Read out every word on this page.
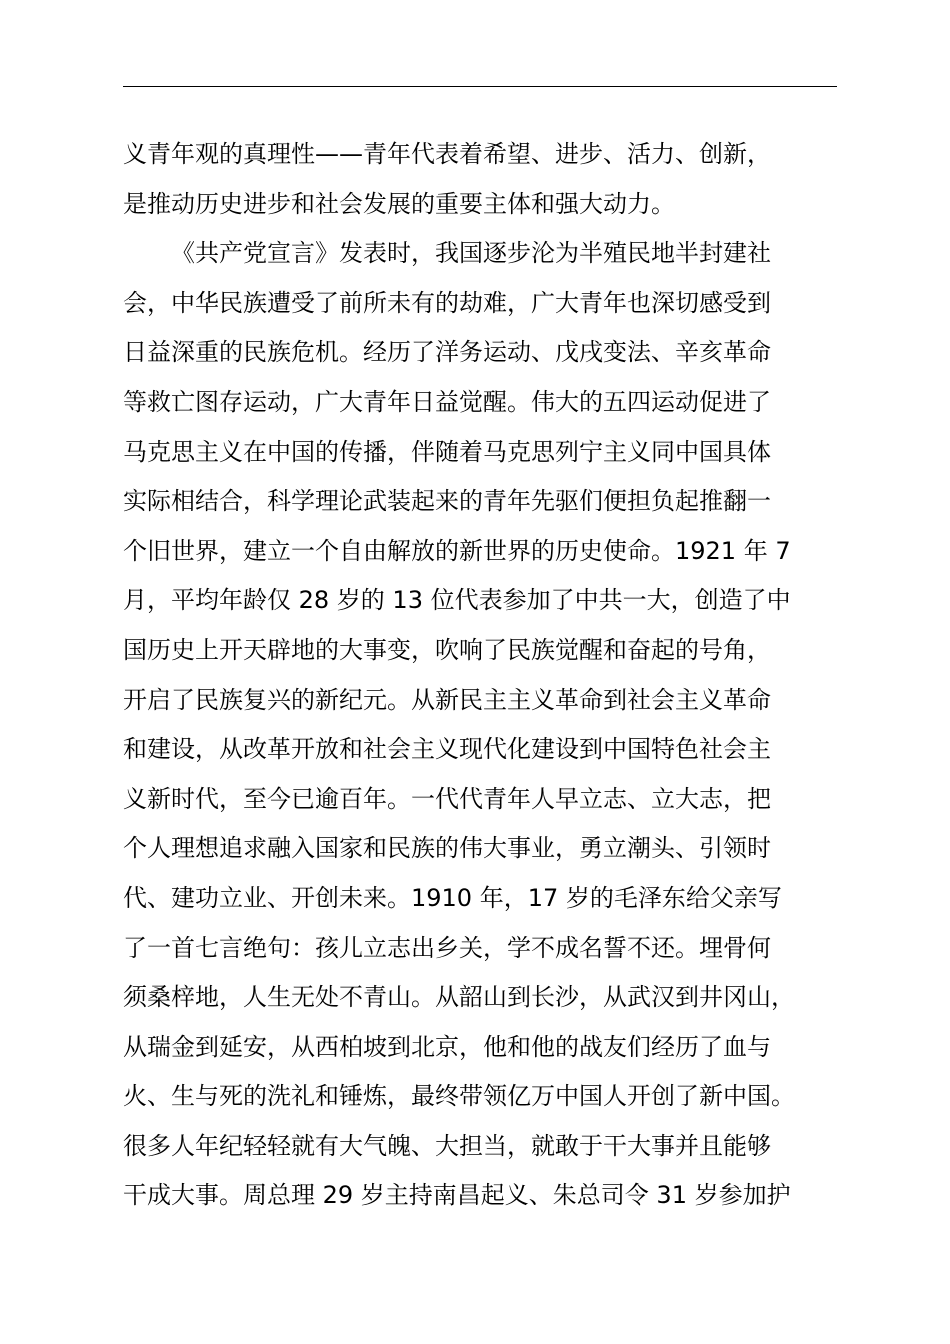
义青年观的真理性——青年代表着希望、进步、活力、创新，
是推动历史进步和社会发展的重要主体和强大动力。
《共产党宣言》发表时，我国逐步沦为半殖民地半封建社
会，中华民族遭受了前所未有的劫难，广大青年也深切感受到
日益深重的民族危机。经历了洋务运动、戊戌变法、辛亥革命
等救亡图存运动，广大青年日益觉醒。伟大的五四运动促进了
马克思主义在中国的传播，伴随着马克思列宁主义同中国具体
实际相结合，科学理论武装起来的青年先驱们便担负起推翻一
个旧世界，建立一个自由解放的新世界的历史使命。1921 年 7
月，平均年龄仅 28 岁的 13 位代表参加了中共一大，创造了中
国历史上开天辟地的大事变，吹响了民族觉醒和奋起的号角，
开启了民族复兴的新纪元。从新民主主义革命到社会主义革命
和建设，从改革开放和社会主义现代化建设到中国特色社会主
义新时代，至今已逾百年。一代代青年人早立志、立大志，把
个人理想追求融入国家和民族的伟大事业，勇立潮头、引领时
代、建功立业、开创未来。1910 年，17 岁的毛泽东给父亲写
了一首七言绝句：孩儿立志出乡关，学不成名誓不还。埋骨何
须桑梓地，人生无处不青山。从韶山到长沙，从武汉到井冈山，
从瑞金到延安，从西柏坡到北京，他和他的战友们经历了血与
火、生与死的洗礼和锤炼，最终带领亿万中国人开创了新中国。
很多人年纪轻轻就有大气魄、大担当，就敢于干大事并且能够
干成大事。周总理 29 岁主持南昌起义、朱总司令 31 岁参加护
